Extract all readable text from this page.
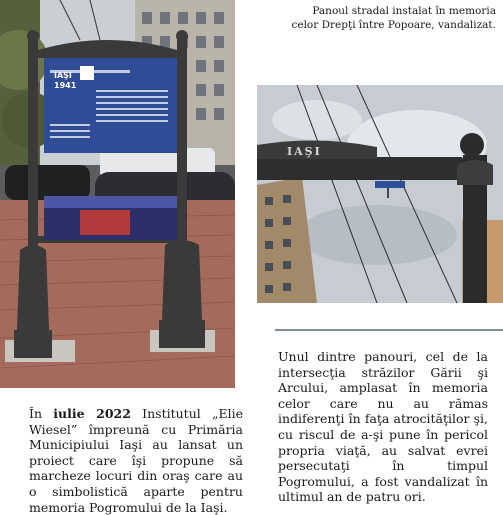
Panoul stradal instalat în memoria
celor Drepţi între Popoare, vandalizat.
IAŞI
1941
IAŞI
Unul dintre panouri, cel de la intersecţia străzilor Gării şi Arcului, amplasat în memoria celor care nu au rămas indiferenţi în faţa atrocităţilor şi, cu riscul de a-şi pune în pericol propria viaţă, au salvat evrei persecutaţi în timpul Pogromului, a fost vandalizat în ultimul an de patru ori.
În iulie 2022 Institutul „Elie Wiesel” împreună cu Primăria Municipiului Iaşi au lansat un proiect care îşi propune să marcheze locuri din oraş care au o simbolistică aparte pentru memoria Pogromului de la Iaşi.
